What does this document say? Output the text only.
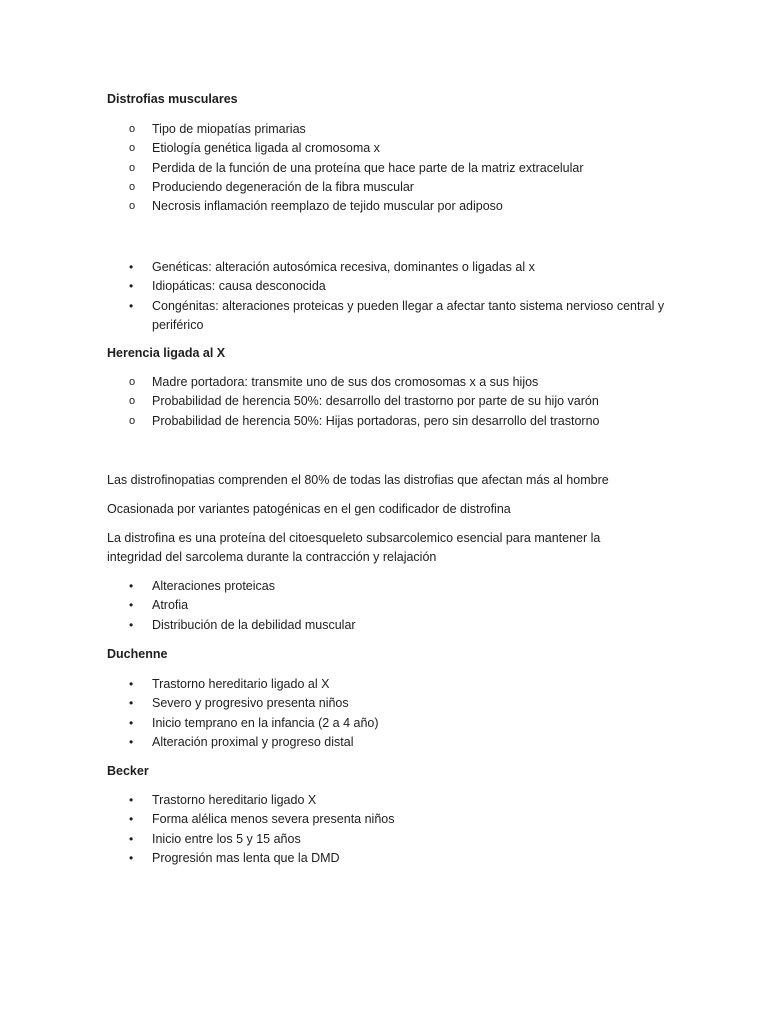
Distrofias musculares
o	Tipo de miopatías primarias
o	Etiología genética ligada al cromosoma x
o	Perdida de la función de una proteína que hace parte de la matriz extracelular
o	Produciendo degeneración de la fibra muscular
o	Necrosis inflamación reemplazo de tejido muscular por adiposo
•	Genéticas: alteración autosómica recesiva, dominantes o ligadas al x
•	Idiopáticas: causa desconocida
•	Congénitas: alteraciones proteicas y pueden llegar a afectar tanto sistema nervioso central y periférico
Herencia ligada al X
o	Madre portadora: transmite uno de sus dos cromosomas x a sus hijos
o	Probabilidad de herencia 50%: desarrollo del trastorno por parte de su hijo varón
o	Probabilidad de herencia 50%: Hijas portadoras, pero sin desarrollo del trastorno
Las distrofinopatias comprenden el 80% de todas las distrofias que afectan más al hombre
Ocasionada por variantes patogénicas en el gen codificador de distrofina
La distrofina es una proteína del citoesqueleto subsarcolemico esencial para mantener la integridad del sarcolema durante la contracción y relajación
•	Alteraciones proteicas
•	Atrofia
•	Distribución de la debilidad muscular
Duchenne
•	Trastorno hereditario ligado al X
•	Severo y progresivo presenta niños
•	Inicio temprano en la infancia (2 a 4 año)
•	Alteración proximal y progreso distal
Becker
•	Trastorno hereditario ligado X
•	Forma alélica menos severa presenta niños
•	Inicio entre los 5 y 15 años
•	Progresión mas lenta que la DMD
